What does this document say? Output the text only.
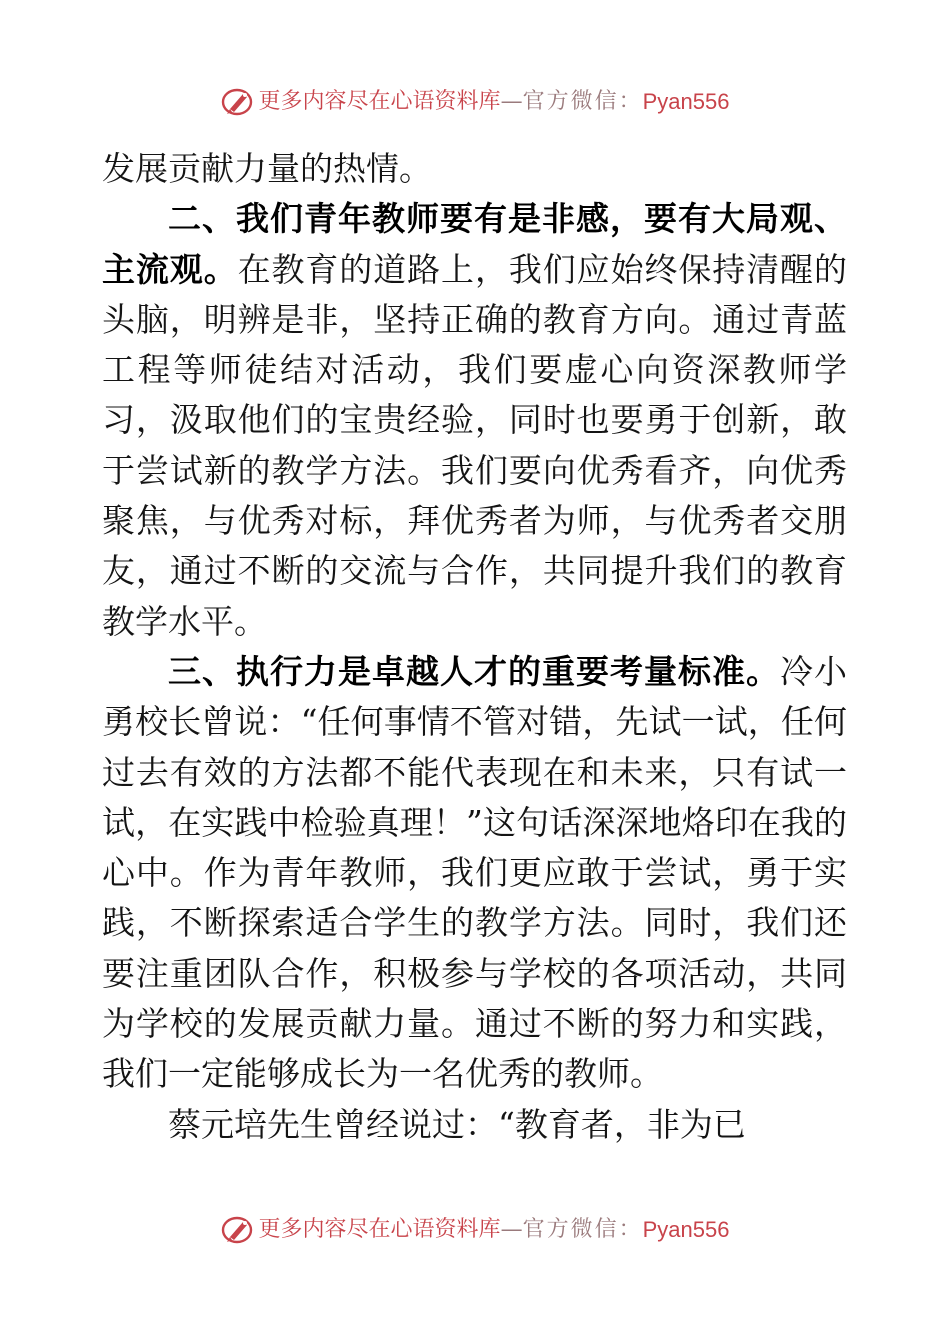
更多内容尽在心语资料库—官方微信：Pyan556

发展贡献力量的热情。

二、我们青年教师要有是非感，要有大局观、主流观。在教育的道路上，我们应始终保持清醒的头脑，明辨是非，坚持正确的教育方向。通过青蓝工程等师徒结对活动，我们要虚心向资深教师学习，汲取他们的宝贵经验，同时也要勇于创新，敢于尝试新的教学方法。我们要向优秀看齐，向优秀聚焦，与优秀对标，拜优秀者为师，与优秀者交朋友，通过不断的交流与合作，共同提升我们的教育教学水平。

三、执行力是卓越人才的重要考量标准。冷小勇校长曾说：“任何事情不管对错，先试一试，任何过去有效的方法都不能代表现在和未来，只有试一试，在实践中检验真理！”这句话深深地烙印在我的心中。作为青年教师，我们更应敢于尝试，勇于实践，不断探索适合学生的教学方法。同时，我们还要注重团队合作，积极参与学校的各项活动，共同为学校的发展贡献力量。通过不断的努力和实践，我们一定能够成长为一名优秀的教师。

蔡元培先生曾经说过：“教育者，非为已

更多内容尽在心语资料库—官方微信：Pyan556
